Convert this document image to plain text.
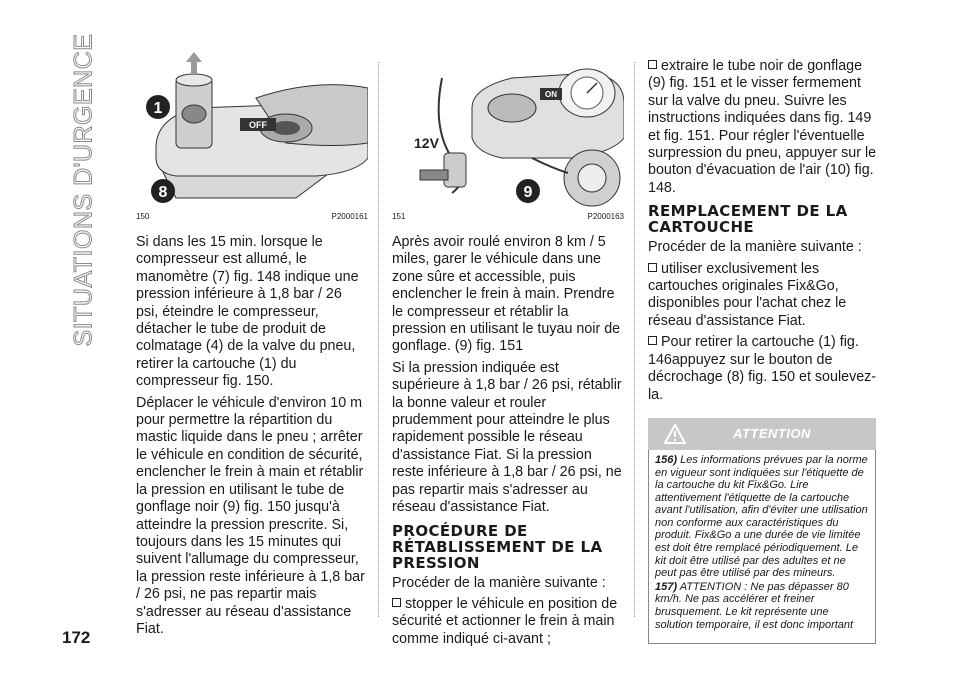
SITUATIONS D'URGENCE
172
OFF
1
8
150	P2000161

Si dans les 15 min. lorsque le compresseur est allumé, le manomètre (7) fig. 148 indique une pression inférieure à 1,8 bar / 26 psi, éteindre le compresseur, détacher le tube de produit de colmatage (4) de la valve du pneu, retirer la cartouche (1) du compresseur fig. 150.

Déplacer le véhicule d'environ 10 m pour permettre la répartition du mastic liquide dans le pneu ; arrêter le véhicule en condition de sécurité, enclencher le frein à main et rétablir la pression en utilisant le tube de gonflage noir (9) fig. 150 jusqu'à atteindre la pression prescrite. Si, toujours dans les 15 minutes qui suivent l'allumage du compresseur, la pression reste inférieure à 1,8 bar / 26 psi, ne pas repartir mais s'adresser au réseau d'assistance Fiat.

ON
12V
9
151	P2000163

Après avoir roulé environ 8 km / 5 miles, garer le véhicule dans une zone sûre et accessible, puis enclencher le frein à main. Prendre le compresseur et rétablir la pression en utilisant le tuyau noir de gonflage. (9) fig. 151

Si la pression indiquée est supérieure à 1,8 bar / 26 psi, rétablir la bonne valeur et rouler prudemment pour atteindre le plus rapidement possible le réseau d'assistance Fiat. Si la pression reste inférieure à 1,8 bar / 26 psi, ne pas repartir mais s'adresser au réseau d'assistance Fiat.

PROCÉDURE DE RÉTABLISSEMENT DE LA PRESSION

Procéder de la manière suivante :

stopper le véhicule en position de sécurité et actionner le frein à main comme indiqué ci-avant ;

extraire le tube noir de gonflage (9) fig. 151 et le visser fermement sur la valve du pneu. Suivre les instructions indiquées dans fig. 149 et fig. 151. Pour régler l'éventuelle surpression du pneu, appuyer sur le bouton d'évacuation de l'air (10) fig. 148.

REMPLACEMENT DE LA CARTOUCHE

Procéder de la manière suivante :

utiliser exclusivement les cartouches originales Fix&Go, disponibles pour l'achat chez le réseau d'assistance Fiat.

Pour retirer la cartouche (1) fig. 146appuyez sur le bouton de décrochage (8) fig. 150 et soulevez-la.

ATTENTION

156) Les informations prévues par la norme en vigueur sont indiquées sur l'étiquette de la cartouche du kit Fix&Go. Lire attentivement l'étiquette de la cartouche avant l'utilisation, afin d'éviter une utilisation non conforme aux caractéristiques du produit. Fix&Go a une durée de vie limitée est doit être remplacé périodiquement. Le kit doit être utilisé par des adultes et ne peut pas être utilisé par des mineurs.

157) ATTENTION : Ne pas dépasser 80 km/h. Ne pas accélérer et freiner brusquement. Le kit représente une solution temporaire, il est donc important
